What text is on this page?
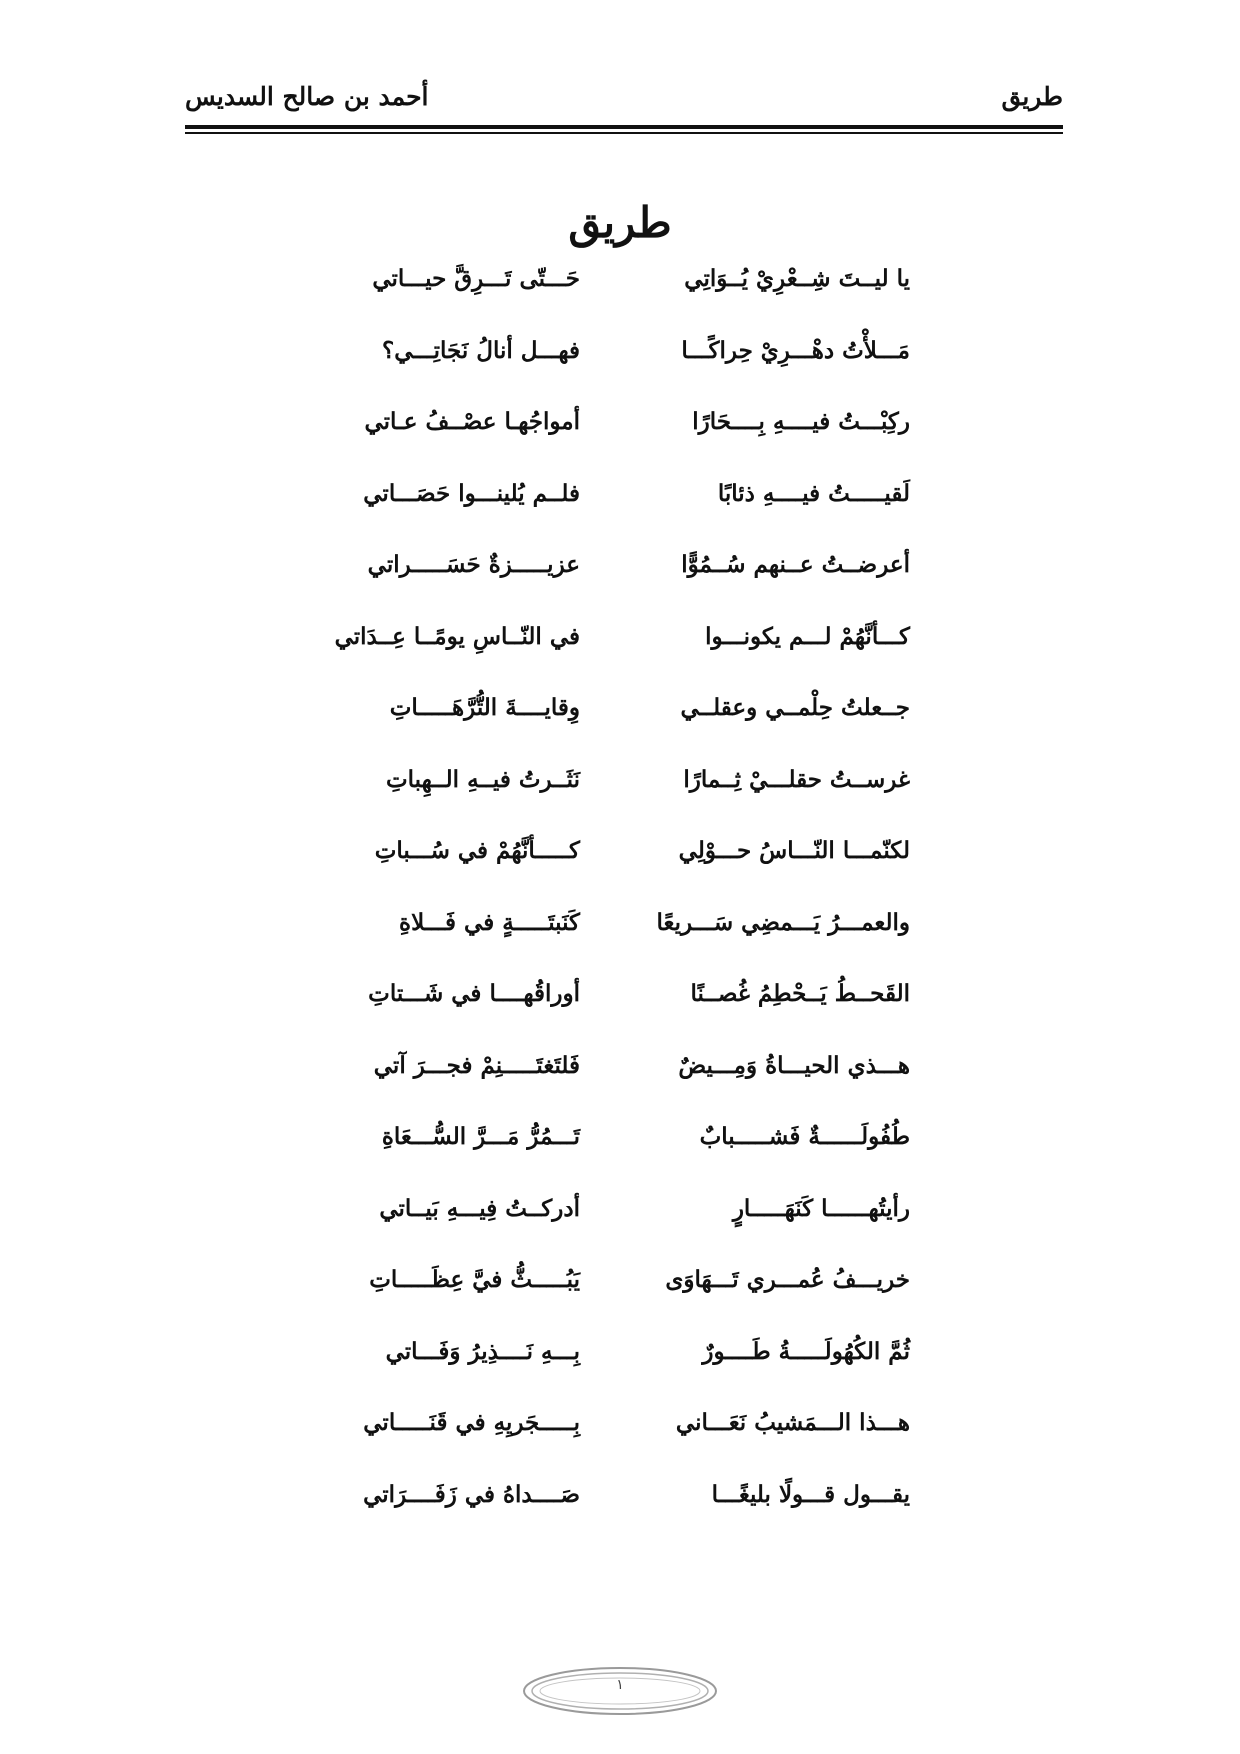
طريق
أحمد بن صالح السديس
طريق
يا ليــتَ شِــعْرِيْ يُــوَاتِي
حَـــتّى تَـــرِقَّ حيـــاتي
مَـــلأْتُ دهْـــرِيْ حِراكًـــا
فهـــل أنالُ نَجَاتِـــي؟
ركِبْـــتُ فيــــهِ بِــــحَارًا
أمواجُهـا عصْــفُ عـاتي
لَقيـــــتُ فيــــهِ ذئابًا
فلــم يُلينـــوا حَصَـــاتي
أعرضــتُ عــنهم سُــمُوًّا
عزيـــــزةٌ حَسَـــــراتي
كـــأنَّهُمْ لـــم يكونـــوا
في النّــاسِ يومًــا عِــدَاتي
جــعلتُ حِلْمــي وعقلــي
وِقايــــةَ التُّرَّهَـــــاتِ
غرســتُ حقلـــيْ ثِــمارًا
نَثَــرتُ فيــهِ الــهِباتِ
لكنّمـــا النّـــاسُ حـــوْلِي
كـــــأنَّهُمْ في سُـــباتِ
والعمـــرُ يَـــمضِي سَـــريعًا
كَنَبتَـــــةٍ في فَـــلاةِ
القَحــطُ يَــحْطِمُ غُصــنًا
أوراقُهــــا في شَـــتاتِ
هـــذي الحيـــاةُ وَمِـــيضٌ
فَلتَغتَـــــنِمْ فجـــرَ آتي
طُفُولَــــــةٌ فَشـــــبابٌ
تَـــمُرُّ مَـــرَّ السُّـــعَاةِ
رأيتُهــــــا كَنَهَـــــارٍ
أدركــتُ فِيـــهِ بَيــاتي
خريـــفُ عُمـــري تَـــهَاوَى
يَبُـــــثُّ فيَّ عِظَـــــاتِ
ثُمَّ الكُهُولَـــــةُ طَــــورٌ
بِـــهِ نَــــذِيرُ وَفَـــاتي
هـــذا الـــمَشيبُ نَعَـــاني
بِـــــجَريِهِ في قَنَـــــاتي
يقـــول قـــولًا بليغًـــا
صَــــداهُ في زَفَــــرَاتي
١
